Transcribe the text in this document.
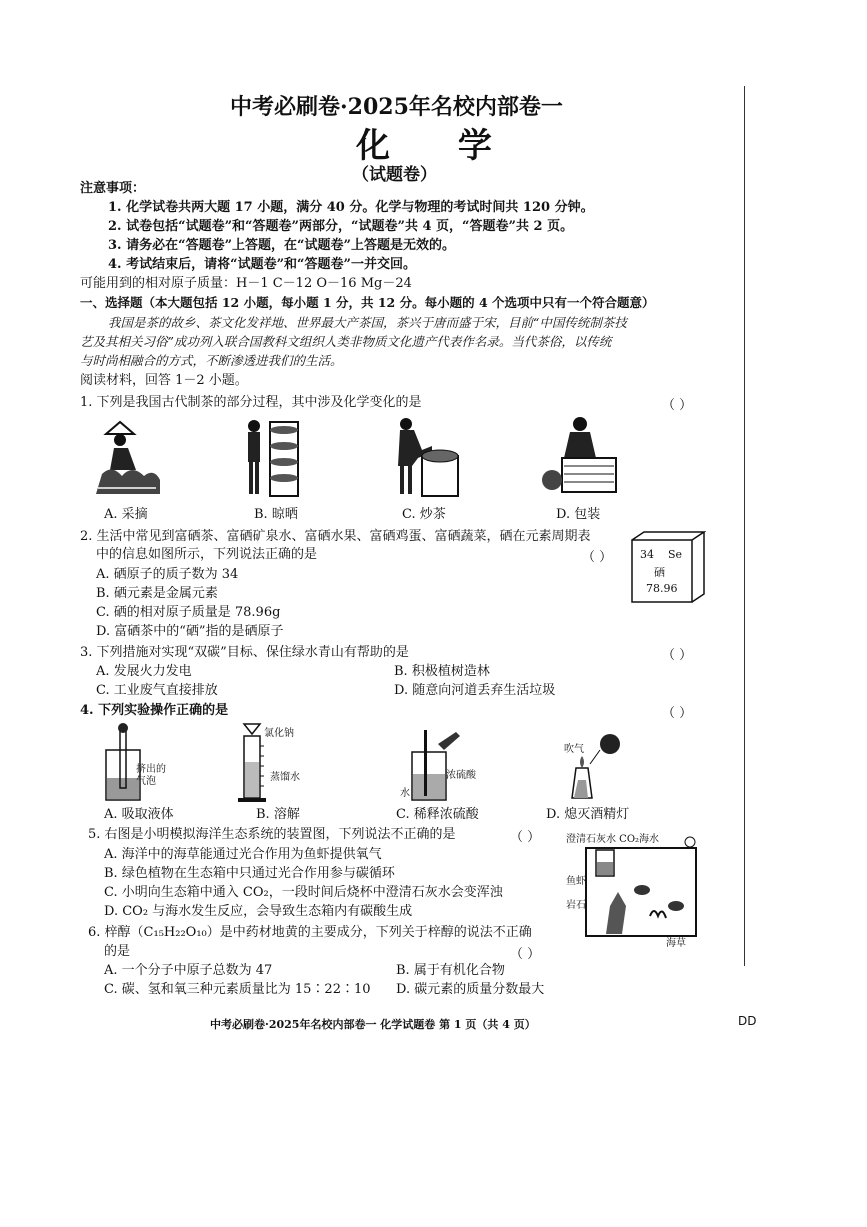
中考必刷卷·2025年名校内部卷一
化 学
（试题卷）
注意事项：
1. 化学试卷共两大题 17 小题，满分 40 分。化学与物理的考试时间共 120 分钟。
2. 试卷包括“试题卷”和“答题卷”两部分，“试题卷”共 4 页，“答题卷”共 2 页。
3. 请务必在“答题卷”上答题，在“试题卷”上答题是无效的。
4. 考试结束后，请将“试题卷”和“答题卷”一并交回。
可能用到的相对原子质量：H－1 C－12 O－16 Mg－24
一、选择题（本大题包括 12 小题，每小题 1 分，共 12 分。每小题的 4 个选项中只有一个符合题意）
我国是茶的故乡、茶文化发祥地、世界最大产茶国，茶兴于唐而盛于宋，目前“中国传统制茶技
艺及其相关习俗”成功列入联合国教科文组织人类非物质文化遗产代表作名录。当代茶俗，以传统
与时尚相融合的方式，不断渗透进我们的生活。
阅读材料，回答 1－2 小题。
1. 下列是我国古代制茶的部分过程，其中涉及化学变化的是	（ ）
A. 采摘	B. 晾晒	C. 炒茶	D. 包装
2. 生活中常见到富硒茶、富硒矿泉水、富硒水果、富硒鸡蛋、富硒蔬菜，硒在元素周期表
中的信息如图所示，下列说法正确的是	（ ）
A. 硒原子的质子数为 34
B. 硒元素是金属元素
C. 硒的相对原子质量是 78.96g
D. 富硒茶中的“硒”指的是硒原子
34 Se
硒
78.96
3. 下列措施对实现“双碳”目标、保住绿水青山有帮助的是	（ ）
A. 发展火力发电	B. 积极植树造林
C. 工业废气直接排放	D. 随意向河道丢弃生活垃圾
4. 下列实验操作正确的是	（ ）
挤出的气泡
氯化钠
蒸馏水	浓硫酸
水
吹气
A. 吸取液体	B. 溶解	C. 稀释浓硫酸	D. 熄灭酒精灯
5. 右图是小明模拟海洋生态系统的装置图，下列说法不正确的是	（ ）
A. 海洋中的海草能通过光合作用为鱼虾提供氧气
B. 绿色植物在生态箱中只通过光合作用参与碳循环
C. 小明向生态箱中通入 CO₂，一段时间后烧杯中澄清石灰水会变浑浊
D. CO₂ 与海水发生反应，会导致生态箱内有碳酸生成
澄清石灰水 CO₂海水
鱼虾
岩石
海草
6. 梓醇（C₁₅H₂₂O₁₀）是中药材地黄的主要成分，下列关于梓醇的说法不正确
的是	（ ）
A. 一个分子中原子总数为 47	B. 属于有机化合物
C. 碳、氢和氧三种元素质量比为 15∶22∶10 D. 碳元素的质量分数最大
中考必刷卷·2025年名校内部卷一 化学试题卷 第 1 页（共 4 页）	DD
